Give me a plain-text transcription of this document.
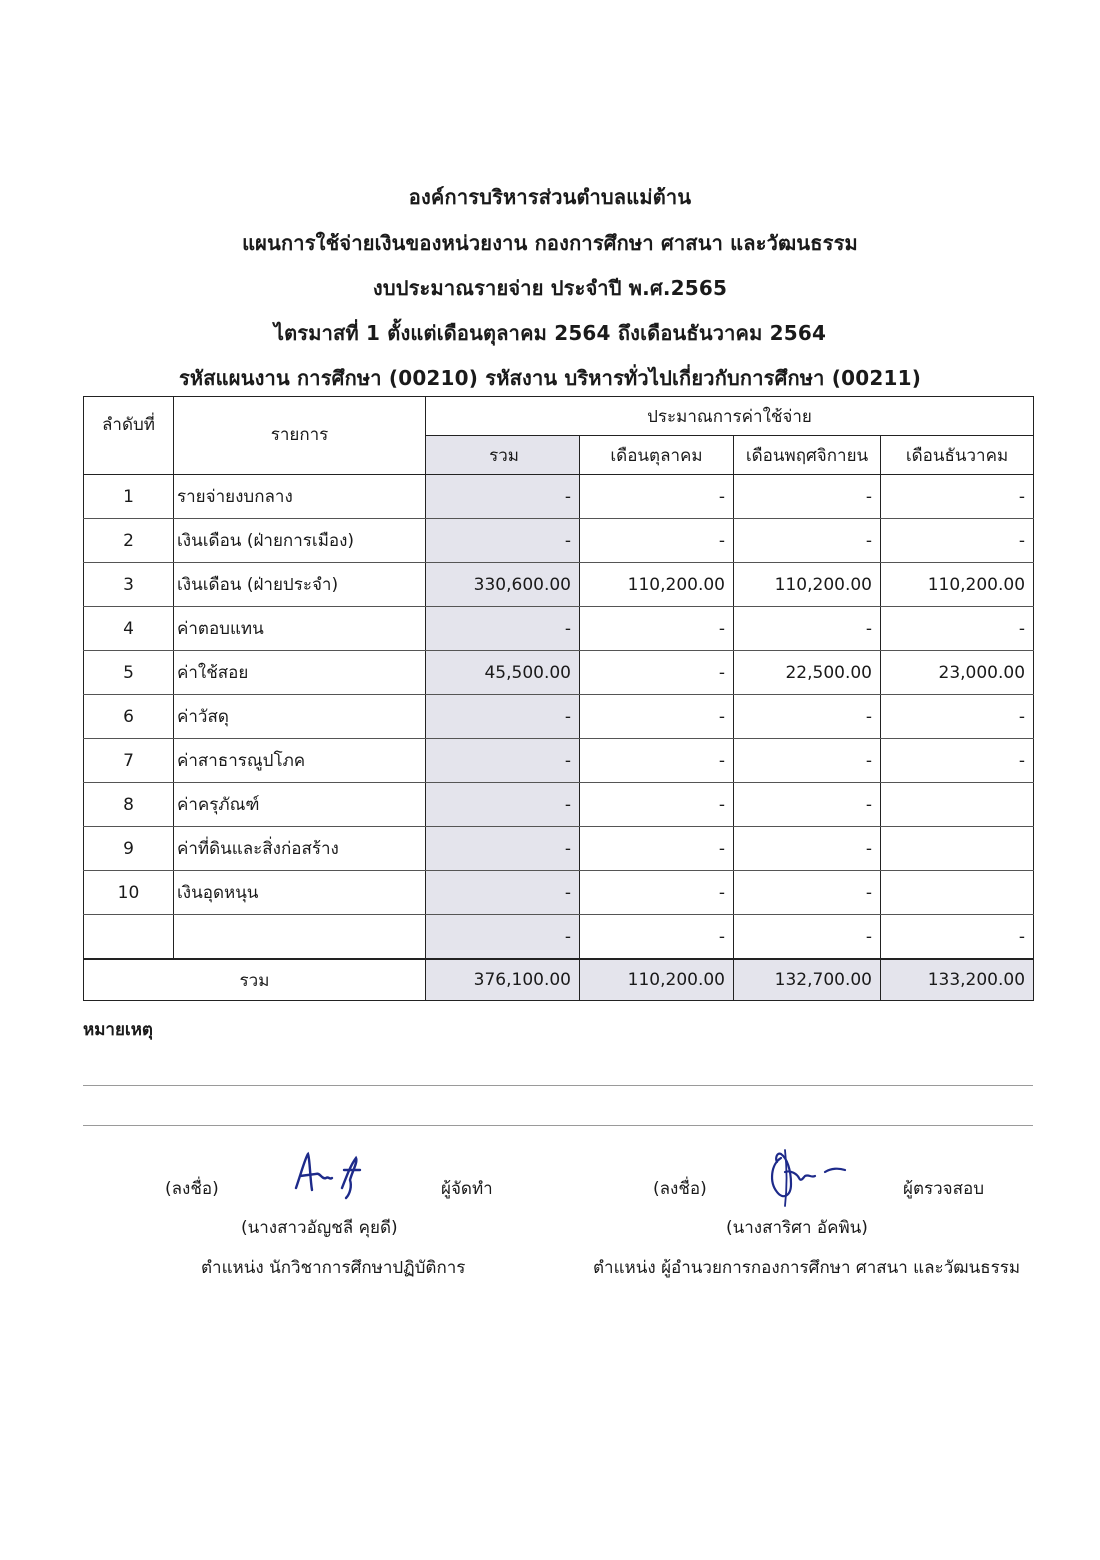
องค์การบริหารส่วนตำบลแม่ต้าน
แผนการใช้จ่ายเงินของหน่วยงาน กองการศึกษา ศาสนา และวัฒนธรรม
งบประมาณรายจ่าย ประจำปี พ.ศ.2565
ไตรมาสที่ 1 ตั้งแต่เดือนตุลาคม 2564 ถึงเดือนธันวาคม 2564
รหัสแผนงาน การศึกษา (00210) รหัสงาน บริหารทั่วไปเกี่ยวกับการศึกษา (00211)
ลำดับที่	รายการ	ประมาณการค่าใช้จ่าย			
		รวม	เดือนตุลาคม	เดือนพฤศจิกายน	เดือนธันวาคม
1	รายจ่ายงบกลาง	-	-	-	-
2	เงินเดือน (ฝ่ายการเมือง)	-	-	-	-
3	เงินเดือน (ฝ่ายประจำ)	330,600.00	110,200.00	110,200.00	110,200.00
4	ค่าตอบแทน	-	-	-	-
5	ค่าใช้สอย	45,500.00	-	22,500.00	23,000.00
6	ค่าวัสดุ	-	-	-	-
7	ค่าสาธารณูปโภค	-	-	-	-
8	ค่าครุภัณฑ์	-	-	-	
9	ค่าที่ดินและสิ่งก่อสร้าง	-	-	-	
10	เงินอุดหนุน	-	-	-	
		-	-	-	-
รวม		376,100.00	110,200.00	132,700.00	133,200.00
หมายเหตุ
(ลงชื่อ)	ผู้จัดทำ
(นางสาวอัญชลี คุยดี)
ตำแหน่ง นักวิชาการศึกษาปฏิบัติการ
(ลงชื่อ)	ผู้ตรวจสอบ
(นางสาริศา อัคพิน)
ตำแหน่ง ผู้อำนวยการกองการศึกษา ศาสนา และวัฒนธรรม
